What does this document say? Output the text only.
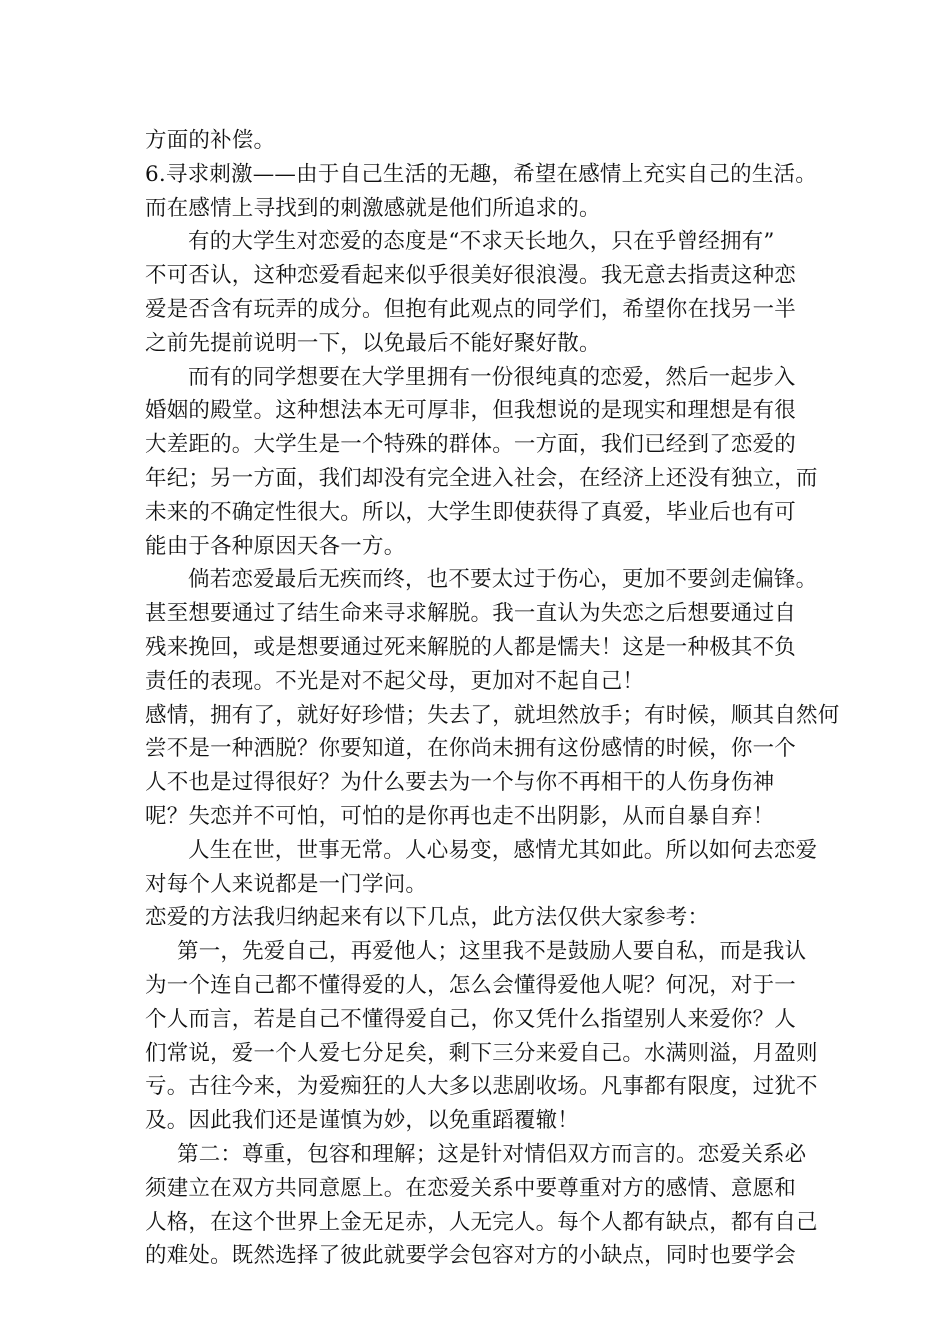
方面的补偿。
6.寻求刺激——由于自己生活的无趣，希望在感情上充实自己的生活。
而在感情上寻找到的刺激感就是他们所追求的。
有的大学生对恋爱的态度是“不求天长地久，只在乎曾经拥有”
不可否认，这种恋爱看起来似乎很美好很浪漫。我无意去指责这种恋
爱是否含有玩弄的成分。但抱有此观点的同学们，希望你在找另一半
之前先提前说明一下，以免最后不能好聚好散。
而有的同学想要在大学里拥有一份很纯真的恋爱，然后一起步入
婚姻的殿堂。这种想法本无可厚非，但我想说的是现实和理想是有很
大差距的。大学生是一个特殊的群体。一方面，我们已经到了恋爱的
年纪；另一方面，我们却没有完全进入社会，在经济上还没有独立，而
未来的不确定性很大。所以，大学生即使获得了真爱，毕业后也有可
能由于各种原因天各一方。
倘若恋爱最后无疾而终，也不要太过于伤心，更加不要剑走偏锋。
甚至想要通过了结生命来寻求解脱。我一直认为失恋之后想要通过自
残来挽回，或是想要通过死来解脱的人都是懦夫！这是一种极其不负
责任的表现。不光是对不起父母，更加对不起自己！
感情，拥有了，就好好珍惜；失去了，就坦然放手；有时候，顺其自然何
尝不是一种洒脱？你要知道，在你尚未拥有这份感情的时候，你一个
人不也是过得很好？为什么要去为一个与你不再相干的人伤身伤神
呢？失恋并不可怕，可怕的是你再也走不出阴影，从而自暴自弃！
人生在世，世事无常。人心易变，感情尤其如此。所以如何去恋爱
对每个人来说都是一门学问。
恋爱的方法我归纳起来有以下几点，此方法仅供大家参考：
第一，先爱自己，再爱他人；这里我不是鼓励人要自私，而是我认
为一个连自己都不懂得爱的人，怎么会懂得爱他人呢？何况，对于一
个人而言，若是自己不懂得爱自己，你又凭什么指望别人来爱你？人
们常说，爱一个人爱七分足矣，剩下三分来爱自己。水满则溢，月盈则
亏。古往今来，为爱痴狂的人大多以悲剧收场。凡事都有限度，过犹不
及。因此我们还是谨慎为妙，以免重蹈覆辙！
第二：尊重，包容和理解；这是针对情侣双方而言的。恋爱关系必
须建立在双方共同意愿上。在恋爱关系中要尊重对方的感情、意愿和
人格，在这个世界上金无足赤，人无完人。每个人都有缺点，都有自己
的难处。既然选择了彼此就要学会包容对方的小缺点，同时也要学会
